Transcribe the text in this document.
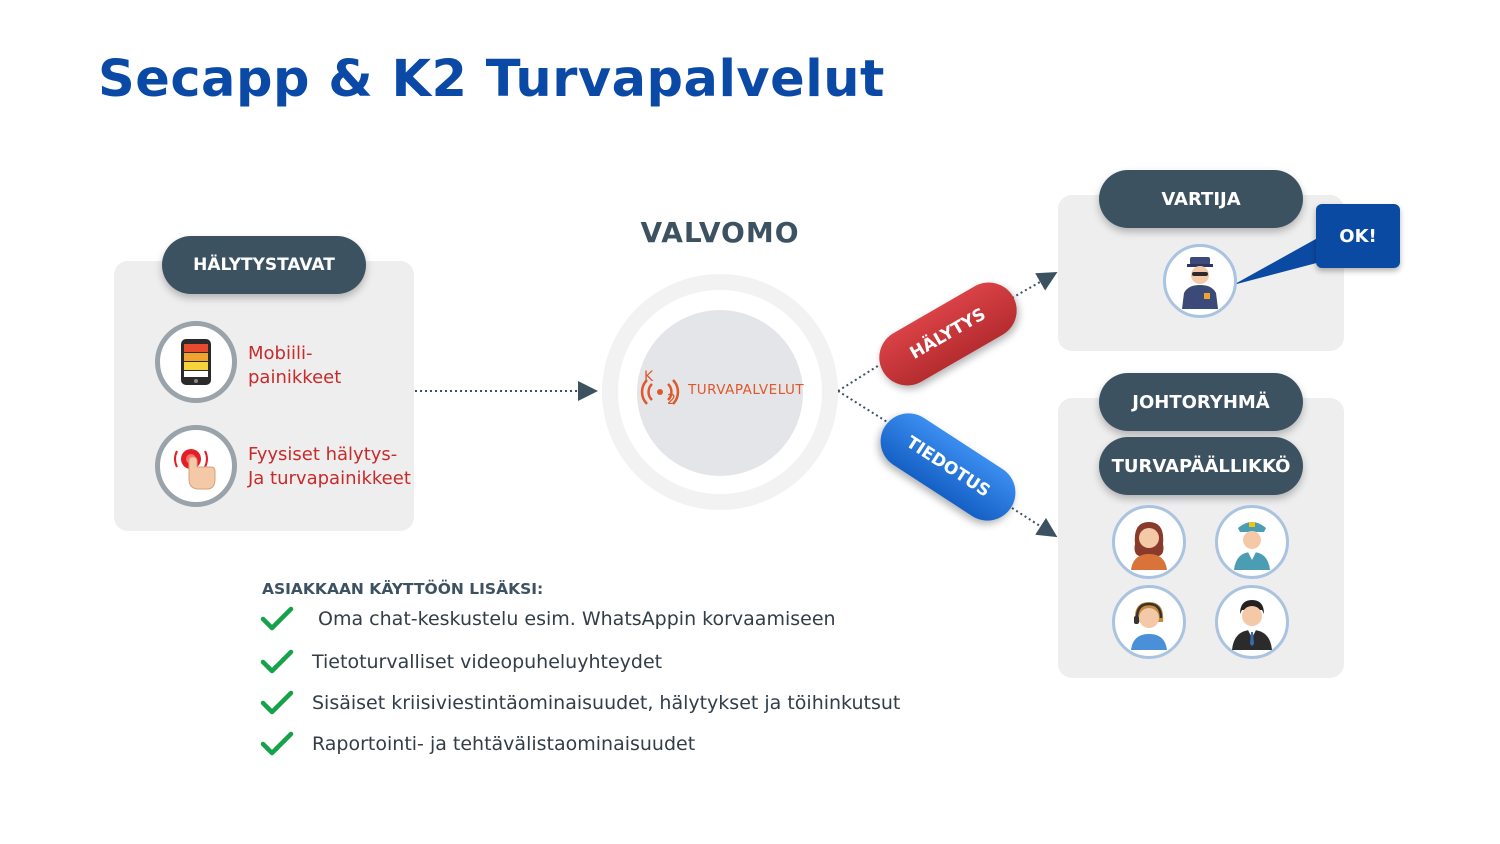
Secapp & K2 Turvapalvelut
HÄLYTYSTAVAT
Mobiili-
painikkeet
Fyysiset hälytys-
Ja turvapainikkeet
VALVOMO
K
2
TURVAPALVELUT
HÄLYTYS
TIEDOTUS
VARTIJA
OK!
JOHTORYHMÄ
TURVAPÄÄLLIKKÖ
ASIAKKAAN KÄYTTÖÖN LISÄKSI:
Oma chat-keskustelu esim. WhatsAppin korvaamiseen
Tietoturvalliset videopuheluyhteydet
Sisäiset kriisiviestintäominaisuudet, hälytykset ja töihinkutsut
Raportointi- ja tehtävälistaominaisuudet
